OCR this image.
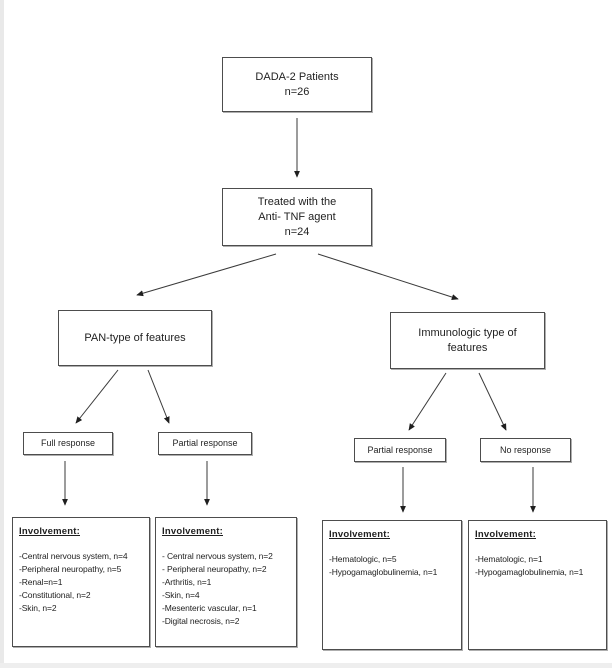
DADA-2 Patients
n=26
Treated with the
Anti- TNF agent
n=24
PAN-type of features	Immunologic type of
features
Full response	Partial response
Partial response	No response
Involvement:
-Central nervous system, n=4
-Peripheral neuropathy, n=5
-Renal=n=1
-Constitutional, n=2
-Skin, n=2
Involvement:
- Central nervous system, n=2
- Peripheral neuropathy, n=2
-Arthritis, n=1
-Skin, n=4
-Mesenteric vascular, n=1
-Digital necrosis, n=2
Involvement:
-Hematologic, n=5
-Hypogamaglobulinemia, n=1
Involvement:
-Hematologic, n=1
-Hypogamaglobulinemia, n=1
